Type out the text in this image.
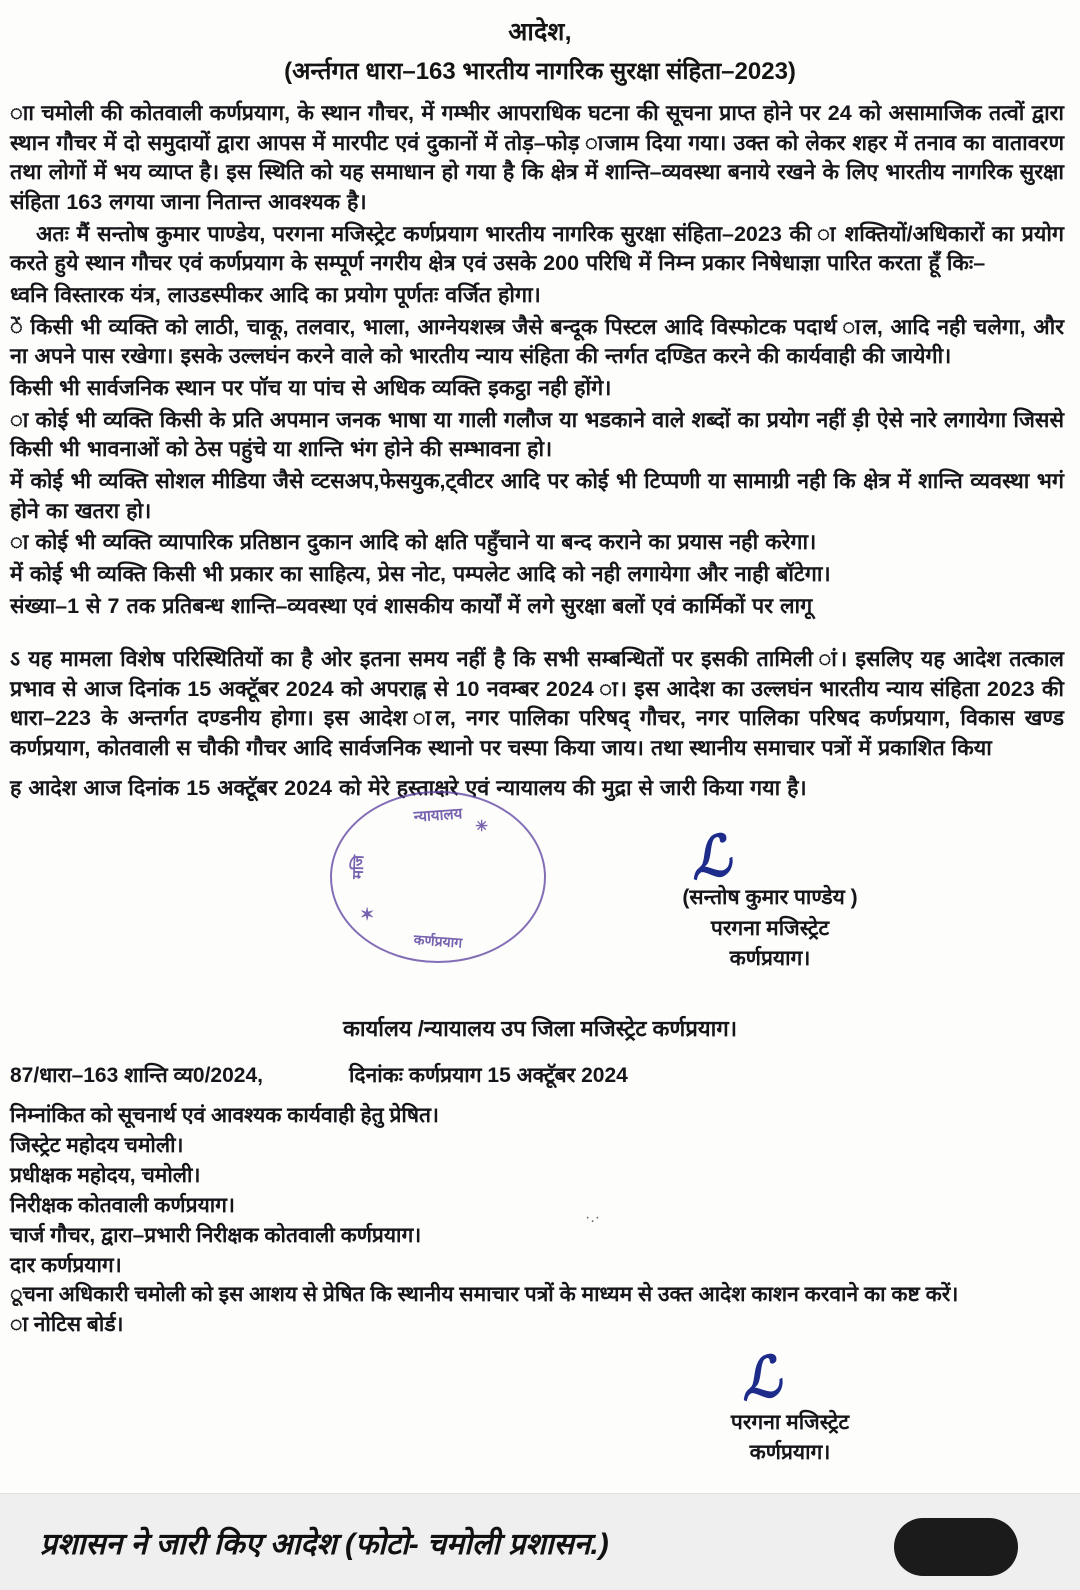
आदेश,
(अर्न्तगत धारा–163 भारतीय नागरिक सुरक्षा संहिता–2023)

ाा चमोली की कोतवाली कर्णप्रयाग, के स्थान गौचर, में गम्भीर आपराधिक घटना की सूचना प्राप्त होने पर 24 को असामाजिक तत्वों द्वारा स्थान गौचर में दो समुदायों द्वारा आपस में मारपीट एवं दुकानों में तोड़–फोड़ ाजाम दिया गया। उक्त को लेकर शहर में तनाव का वातावरण तथा लोगों में भय व्याप्त है। इस स्थिति को यह समाधान हो गया है कि क्षेत्र में शान्ति–व्यवस्था बनाये रखने के लिए भारतीय नागरिक सुरक्षा संहिता 163 लगया जाना नितान्त आवश्यक है।

अतः मैं सन्तोष कुमार पाण्डेय, परगना मजिस्ट्रेट कर्णप्रयाग भारतीय नागरिक सुरक्षा संहिता–2023 की ा शक्तियों/अधिकारों का प्रयोग करते हुये स्थान गौचर एवं कर्णप्रयाग के सम्पूर्ण नगरीय क्षेत्र एवं उसके 200 परिधि में निम्न प्रकार निषेधाज्ञा पारित करता हूँ किः–

ध्वनि विस्तारक यंत्र, लाउडस्पीकर आदि का प्रयोग पूर्णतः वर्जित होगा।

ें किसी भी व्यक्ति को लाठी, चाकू, तलवार, भाला, आग्नेयशस्त्र जैसे बन्दूक पिस्टल आदि विस्फोटक पदार्थ ाल, आदि नही चलेगा, और ना अपने पास रखेगा। इसके उल्लघंन करने वाले को भारतीय न्याय संहिता की न्तर्गत दण्डित करने की कार्यवाही की जायेगी।

किसी भी सार्वजनिक स्थान पर पॉच या पांच से अधिक व्यक्ति इकट्ठा नही होंगे।

ा कोई भी व्यक्ति किसी के प्रति अपमान जनक भाषा या गाली गलौज या भडकाने वाले शब्दों का प्रयोग नहीं ड़ी ऐसे नारे लगायेगा जिससे किसी भी भावनाओं को ठेस पहुंचे या शान्ति भंग होने की सम्भावना हो।

में कोई भी व्यक्ति सोशल मीडिया जैसे व्टसअप,फेसयुक,ट्वीटर आदि पर कोई भी टिप्पणी या सामाग्री नही कि क्षेत्र में शान्ति व्यवस्था भगं होने का खतरा हो।

ा कोई भी व्यक्ति व्यापारिक प्रतिष्ठान दुकान आदि को क्षति पहुँचाने या बन्द कराने का प्रयास नही करेगा।

में कोई भी व्यक्ति किसी भी प्रकार का साहित्य, प्रेस नोट, पम्पलेट आदि को नही लगायेगा और नाही बॉटेगा।

संख्या–1 से 7 तक प्रतिबन्ध शान्ति–व्यवस्था एवं शासकीय कार्यों में लगे सुरक्षा बलों एवं कार्मिकों पर लागू

ऽ यह मामला विशेष परिस्थितियों का है ओर इतना समय नहीं है कि सभी सम्बन्धितों पर इसकी तामिली ां। इसलिए यह आदेश तत्काल प्रभाव से आज दिनांक 15 अक्टूॅबर 2024 को अपराह्न से 10 नवम्बर 2024 ा। इस आदेश का उल्लघंन भारतीय न्याय संहिता 2023 की धारा–223 के अन्तर्गत दण्डनीय होगा। इस आदेश ाल, नगर पालिका परिषद् गौचर, नगर पालिका परिषद कर्णप्रयाग, विकास खण्ड कर्णप्रयाग, कोतवाली स चौकी गौचर आदि सार्वजनिक स्थानो पर चस्पा किया जाय। तथा स्थानीय समाचार पत्रों में प्रकाशित किया

ह आदेश आज दिनांक 15 अक्टूॅबर 2024 को मेरे हस्ताक्षरे एवं न्यायालय की मुद्रा से जारी किया गया है।

न्यायालय
मजि
✶
✳
कर्णप्रयाग
ℒ
(सन्तोष कुमार पाण्डेय )
परगना मजिस्ट्रेट
कर्णप्रयाग।
कार्यालय /न्यायालय उप जिला मजिस्ट्रेट कर्णप्रयाग।
87/धारा–163 शान्ति व्य0/2024,	दिनांकः कर्णप्रयाग 15 अक्टूॅबर 2024
निम्नांकित को सूचनार्थ एवं आवश्यक कार्यवाही हेतु प्रेषित।
जिस्ट्रेट महोदय चमोली।
प्रधीक्षक महोदय, चमोली।
निरीक्षक कोतवाली कर्णप्रयाग।
चार्ज गौचर, द्वारा–प्रभारी निरीक्षक कोतवाली कर्णप्रयाग।
दार कर्णप्रयाग।
ूचना अधिकारी चमोली को इस आशय से प्रेषित कि स्थानीय समाचार पत्रों के माध्यम से उक्त आदेश काशन करवाने का कष्ट करें।
ा नोटिस बोर्ड।
ℒ
परगना मजिस्ट्रेट
कर्णप्रयाग।
·.·
प्रशासन ने जारी किए आदेश (फोटो- चमोली प्रशासन.)
